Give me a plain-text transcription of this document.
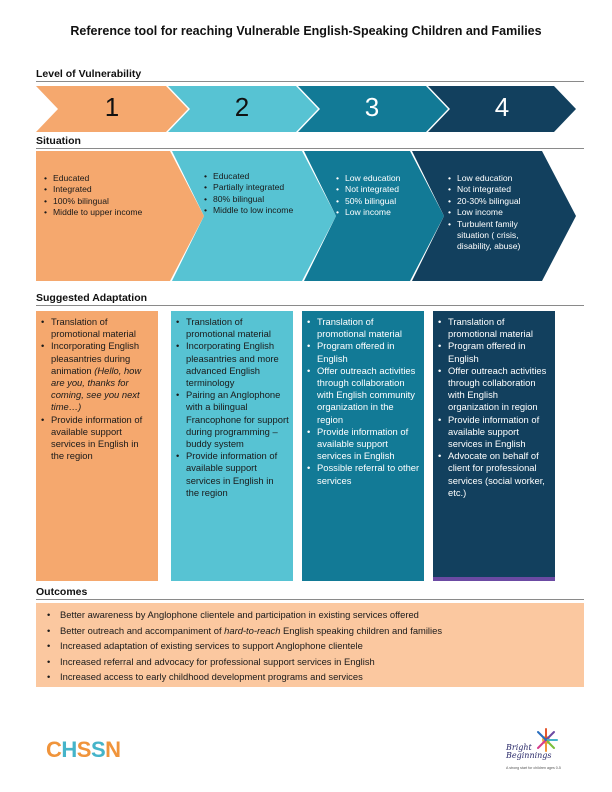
Reference tool for reaching Vulnerable English-Speaking Children and Families
Level of Vulnerability
1	2	3	4
Situation
• Educated
• Integrated
• 100% bilingual
• Middle to upper income
• Educated
• Partially integrated
• 80% bilingual
• Middle to low income
• Low education
• Not integrated
• 50% bilingual
• Low income
• Low education
• Not integrated
• 20-30% bilingual
• Low income
• Turbulent family situation ( crisis, disability, abuse)
Suggested Adaptation
• Translation of promotional material
• Incorporating English pleasantries during animation (Hello, how are you, thanks for coming, see you next time…)
• Provide information of available support services in English in the region
• Translation of promotional material
• Incorporating English pleasantries and more advanced English terminology
• Pairing an Anglophone with a bilingual Francophone for support during programming – buddy system
• Provide information of available support services in English in the region
• Translation of promotional material
• Program offered in English
• Offer outreach activities through collaboration with English community organization in the region
• Provide information of available support services in English
• Possible referral to other services
• Translation of promotional material
• Program offered in English
• Offer outreach activities through collaboration with English organization in region
• Provide information of available support services in English
• Advocate on behalf of client for professional services (social worker, etc.)
Outcomes
• Better awareness by Anglophone clientele and participation in existing services offered
• Better outreach and accompaniment of hard-to-reach English speaking children and families
• Increased adaptation of existing services to support Anglophone clientele
• Increased referral and advocacy for professional support services in English
• Increased access to early childhood development programs and services
CHSSN	Bright
Beginnings
A strong start for children ages 0-5
